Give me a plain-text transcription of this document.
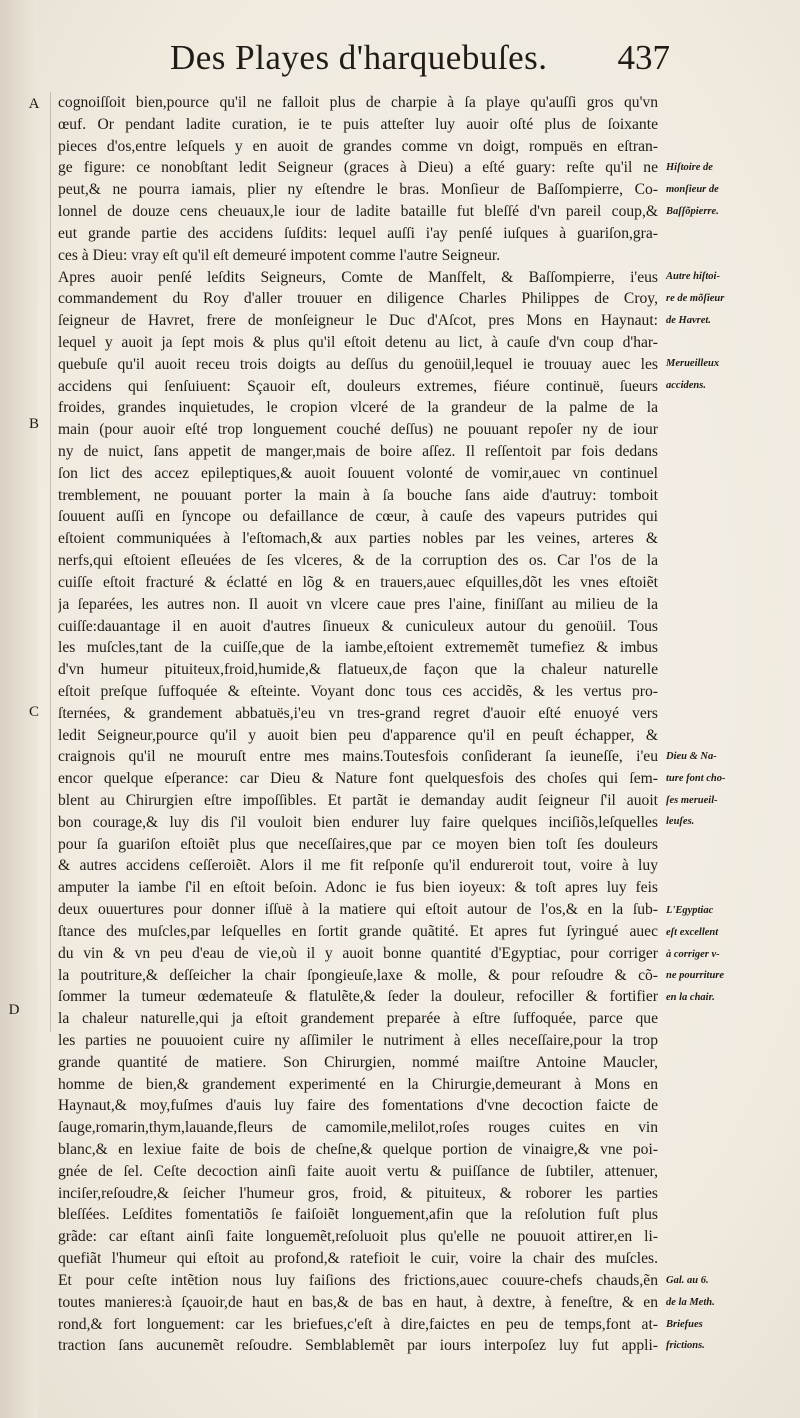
Des Playes d'harquebuſes. 437
A
B
C
D
cognoiſſoit bien,pource qu'il ne falloit plus de charpie à ſa playe qu'auſſi gros qu'vn
œuf. Or pendant ladite curation, ie te puis atteſter luy auoir oſté plus de ſoixante
pieces d'os,entre leſquels y en auoit de grandes comme vn doigt, rompuës en eſtran-
ge figure: ce nonobſtant ledit Seigneur (graces à Dieu) a eſté guary: reſte qu'il ne
peut,& ne pourra iamais, plier ny eſtendre le bras. Monſieur de Baſſompierre, Co-
lonnel de douze cens cheuaux,le iour de ladite bataille fut bleſſé d'vn pareil coup,&
eut grande partie des accidens ſuſdits: lequel auſſi i'ay penſé iuſques à guariſon,gra-
ces à Dieu: vray eſt qu'il eſt demeuré impotent comme l'autre Seigneur.
Apres auoir penſé leſdits Seigneurs, Comte de Manſfelt, & Baſſompierre, i'eus
commandement du Roy d'aller trouuer en diligence Charles Philippes de Croy,
ſeigneur de Havret, frere de monſeigneur le Duc d'Aſcot, pres Mons en Haynaut:
lequel y auoit ja ſept mois & plus qu'il eſtoit detenu au lict, à cauſe d'vn coup d'har-
quebuſe qu'il auoit receu trois doigts au deſſus du genoüil,lequel ie trouuay auec les
accidens qui ſenſuiuent: Sçauoir eſt, douleurs extremes, fiéure continuë, ſueurs
froides, grandes inquietudes, le cropion vlceré de la grandeur de la palme de la
main (pour auoir eſté trop longuement couché deſſus) ne pouuant repoſer ny de iour
ny de nuict, ſans appetit de manger,mais de boire aſſez. Il reſſentoit par fois dedans
ſon lict des accez epileptiques,& auoit ſouuent volonté de vomir,auec vn continuel
tremblement, ne pouuant porter la main à ſa bouche ſans aide d'autruy: tomboit
ſouuent auſſi en ſyncope ou defaillance de cœur, à cauſe des vapeurs putrides qui
eſtoient communiquées à l'eſtomach,& aux parties nobles par les veines, arteres &
nerfs,qui eſtoient eſleuées de ſes vlceres, & de la corruption des os. Car l'os de la
cuiſſe eſtoit fracturé & éclatté en lõg & en trauers,auec eſquilles,dõt les vnes eſtoiẽt
ja ſeparées, les autres non. Il auoit vn vlcere caue pres l'aine, finiſſant au milieu de la
cuiſſe:dauantage il en auoit d'autres ſinueux & cuniculeux autour du genoüil. Tous
les muſcles,tant de la cuiſſe,que de la iambe,eſtoient extrememẽt tumefiez & imbus
d'vn humeur pituiteux,froid,humide,& flatueux,de façon que la chaleur naturelle
eſtoit preſque ſuffoquée & eſteinte. Voyant donc tous ces accidẽs, & les vertus pro-
ſternées, & grandement abbatuës,i'eu vn tres-grand regret d'auoir eſté enuoyé vers
ledit Seigneur,pource qu'il y auoit bien peu d'apparence qu'il en peuſt échapper, &
craignois qu'il ne mouruſt entre mes mains.Toutesfois conſiderant ſa ieuneſſe, i'eu
encor quelque eſperance: car Dieu & Nature font quelquesfois des choſes qui ſem-
blent au Chirurgien eſtre impoſſibles. Et partãt ie demanday audit ſeigneur ſ'il auoit
bon courage,& luy dis ſ'il vouloit bien endurer luy faire quelques inciſiõs,leſquelles
pour ſa guariſon eſtoiẽt plus que neceſſaires,que par ce moyen bien toſt ſes douleurs
& autres accidens ceſſeroiẽt. Alors il me fit reſponſe qu'il endureroit tout, voire à luy
amputer la iambe ſ'il en eſtoit beſoin. Adonc ie fus bien ioyeux: & toſt apres luy feis
deux ouuertures pour donner iſſuë à la matiere qui eſtoit autour de l'os,& en la ſub-
ſtance des muſcles,par leſquelles en ſortit grande quãtité. Et apres fut ſyringué auec
du vin & vn peu d'eau de vie,où il y auoit bonne quantité d'Egyptiac, pour corriger
la poutriture,& deſſeicher la chair ſpongieuſe,laxe & molle, & pour reſoudre & cõ-
ſommer la tumeur œdemateuſe & flatulẽte,& ſeder la douleur, refociller & fortifier
la chaleur naturelle,qui ja eſtoit grandement preparée à eſtre ſuffoquée, parce que
les parties ne pouuoient cuire ny aſſimiler le nutriment à elles neceſſaire,pour la trop
grande quantité de matiere. Son Chirurgien, nommé maiſtre Antoine Maucler,
homme de bien,& grandement experimenté en la Chirurgie,demeurant à Mons en
Haynaut,& moy,fuſmes d'auis luy faire des fomentations d'vne decoction faicte de
ſauge,romarin,thym,lauande,fleurs de camomile,melilot,roſes rouges cuites en vin
blanc,& en lexiue faite de bois de cheſne,& quelque portion de vinaigre,& vne poi-
gnée de ſel. Ceſte decoction ainſi faite auoit vertu & puiſſance de ſubtiler, attenuer,
inciſer,reſoudre,& ſeicher l'humeur gros, froid, & pituiteux, & roborer les parties
bleſſées. Leſdites fomentatiõs ſe faiſoiẽt longuement,afin que la reſolution fuſt plus
grãde: car eſtant ainſi faite longuemẽt,reſoluoit plus qu'elle ne pouuoit attirer,en li-
quefiãt l'humeur qui eſtoit au profond,& ratefioit le cuir, voire la chair des muſcles.
Et pour ceſte intẽtion nous luy faiſions des frictions,auec couure-chefs chauds,ẽn
toutes manieres:à ſçauoir,de haut en bas,& de bas en haut, à dextre, à feneſtre, & en
rond,& fort longuement: car les briefues,c'eſt à dire,faictes en peu de temps,font at-
traction ſans aucunemẽt reſoudre. Semblablemẽt par iours interpoſez luy fut appli-
Hiſtoire de
monſieur de
Baſſõpierre.
Autre hiſtoi-
re de mõſieur
de Havret.
Merueilleux
accidens.
Dieu & Na-
ture font cho-
ſes merueil-
leuſes.
L'Egyptiac
eſt excellent
à corriger v-
ne pourriture
en la chair.
Gal. au 6.
de la Meth.
Briefues
frictions.
